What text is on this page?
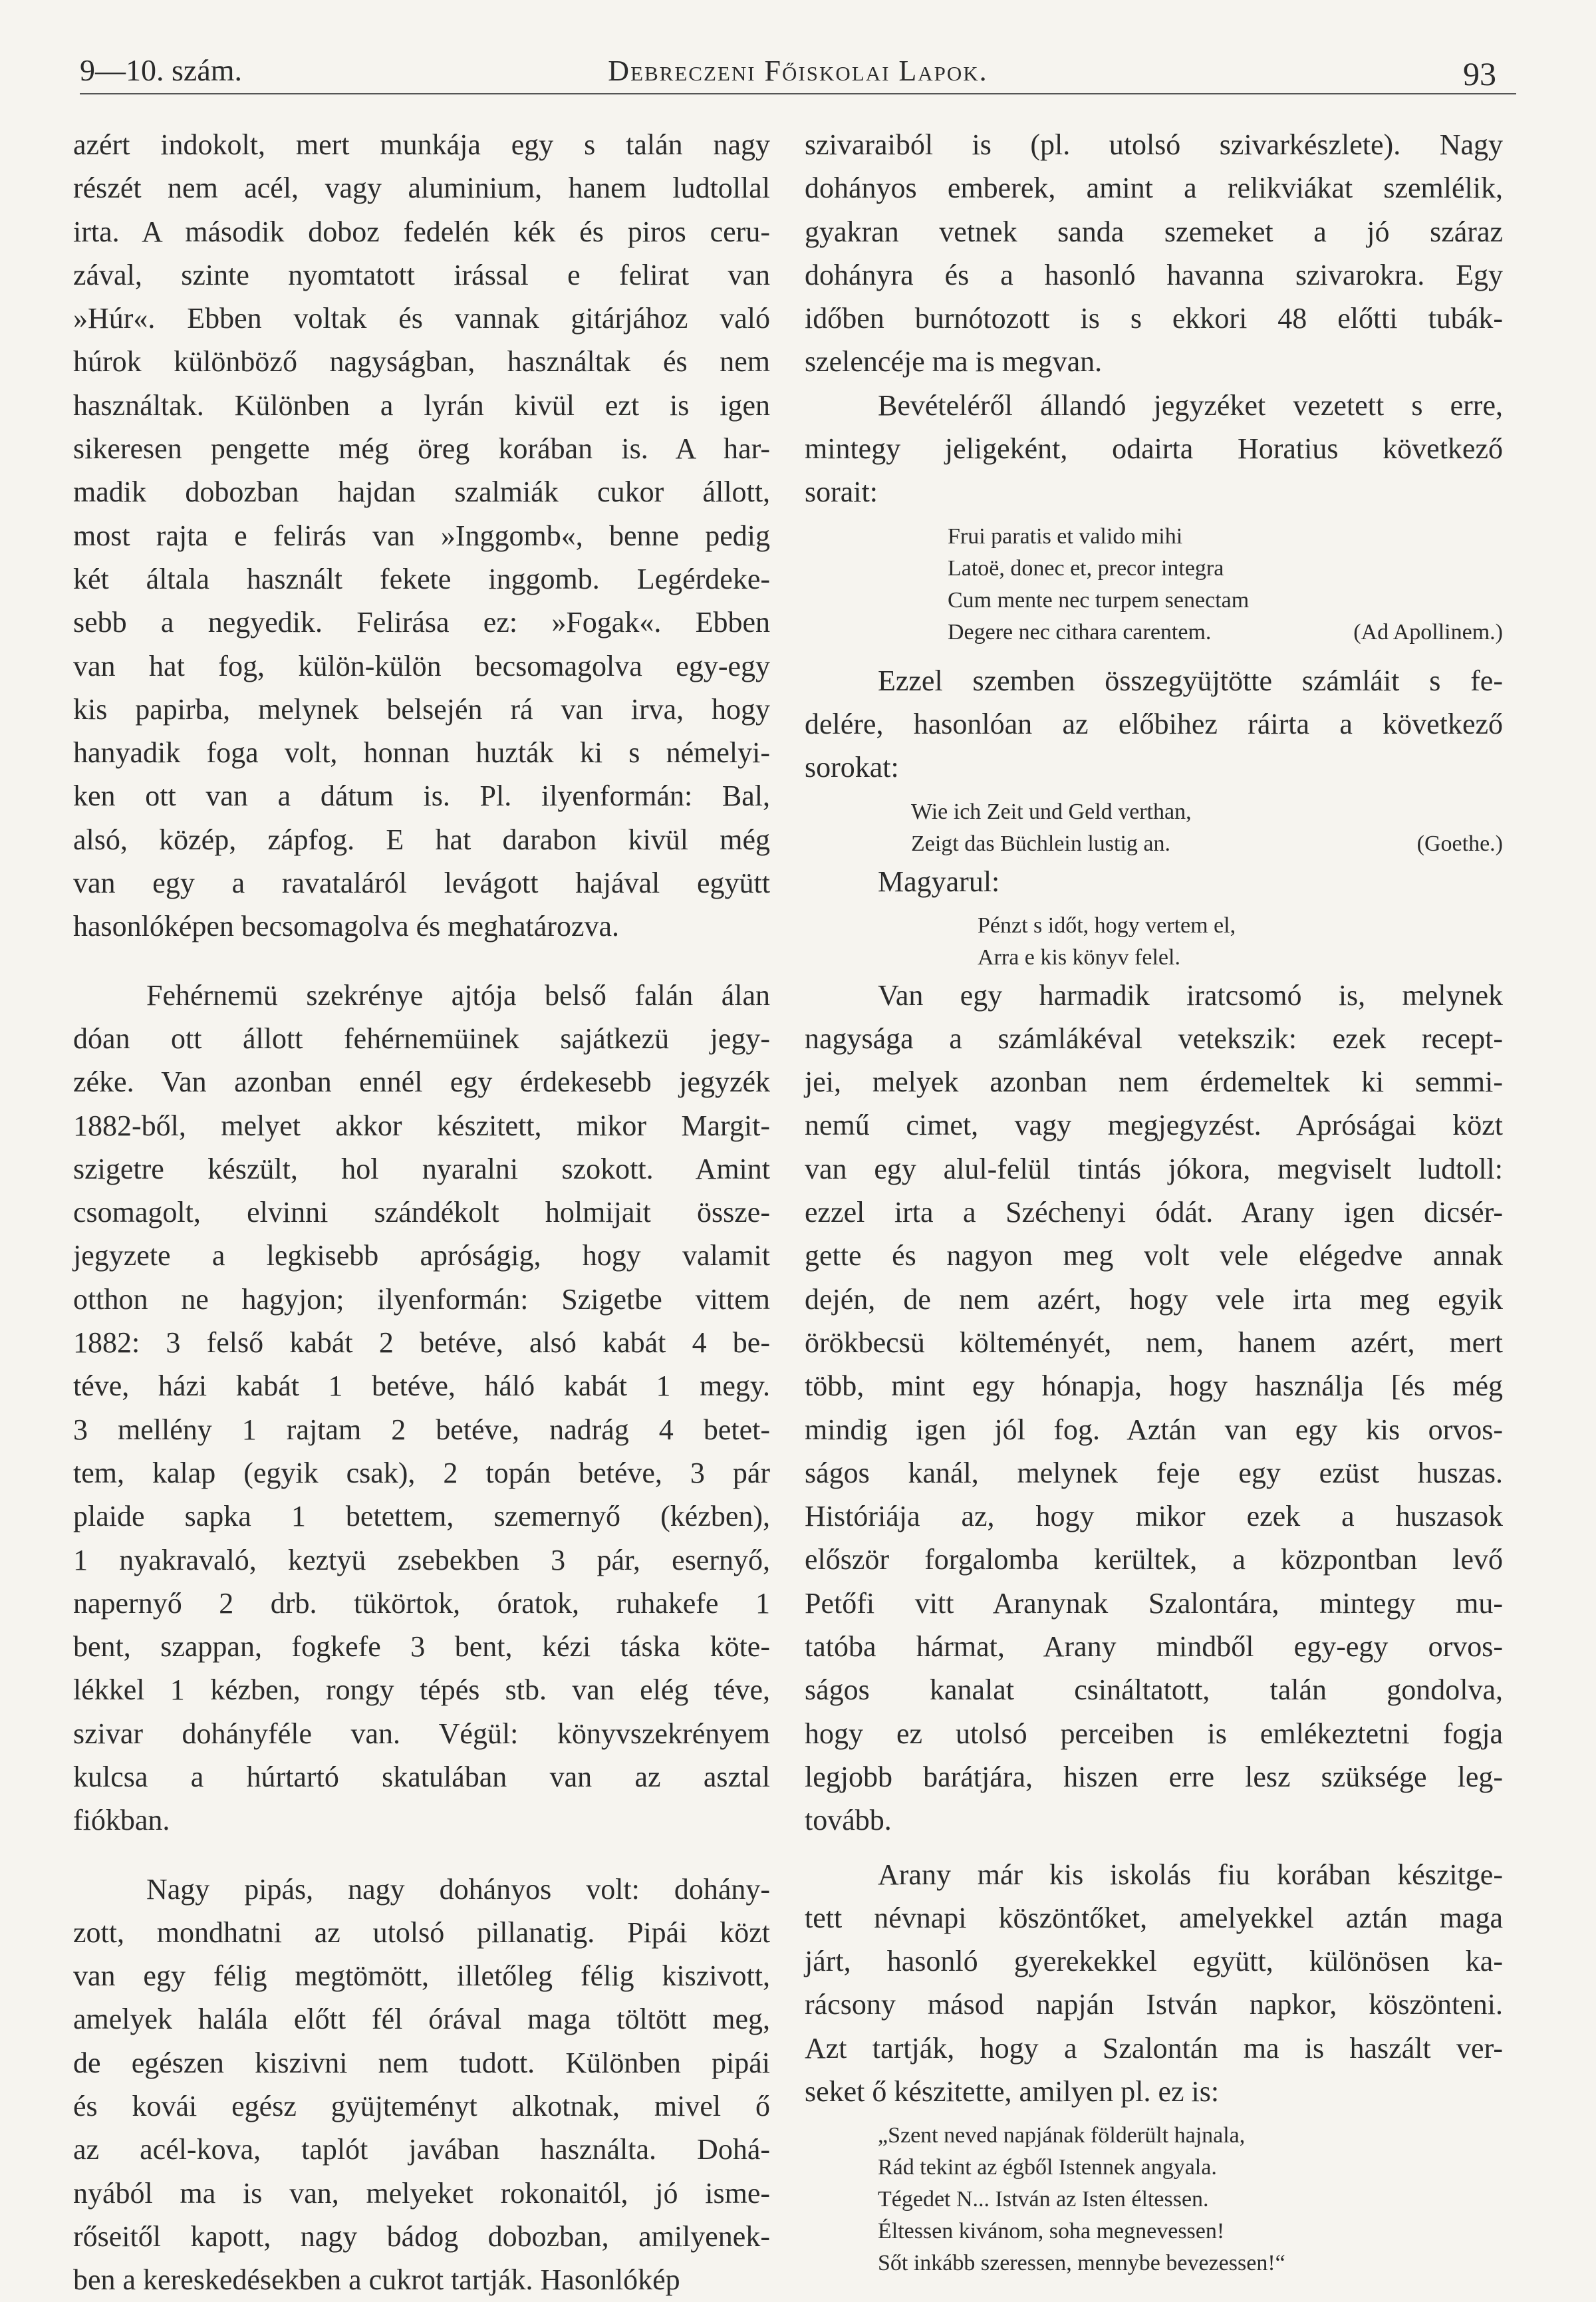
9—10. szám.	Debreczeni Főiskolai Lapok.	93
azért indokolt, mert munkája egy s talán nagy
részét nem acél, vagy aluminium, hanem ludtollal
irta. A második doboz fedelén kék és piros ceru-
zával, szinte nyomtatott irással e felirat van
»Húr«. Ebben voltak és vannak gitárjához való
húrok különböző nagyságban, használtak és nem
használtak. Különben a lyrán kivül ezt is igen
sikeresen pengette még öreg korában is. A har-
madik dobozban hajdan szalmiák cukor állott,
most rajta e felirás van »Inggomb«, benne pedig
két általa használt fekete inggomb. Legérdeke-
sebb a negyedik. Felirása ez: »Fogak«. Ebben
van hat fog, külön-külön becsomagolva egy-egy
kis papirba, melynek belsején rá van irva, hogy
hanyadik foga volt, honnan huzták ki s némelyi-
ken ott van a dátum is. Pl. ilyenformán: Bal,
alsó, közép, zápfog. E hat darabon kivül még
van egy a ravataláról levágott hajával együtt
hasonlóképen becsomagolva és meghatározva.
Fehérnemü szekrénye ajtója belső falán álan
dóan ott állott fehérnemüinek sajátkezü jegy-
zéke. Van azonban ennél egy érdekesebb jegyzék
1882-ből, melyet akkor készitett, mikor Margit-
szigetre készült, hol nyaralni szokott. Amint
csomagolt, elvinni szándékolt holmijait össze-
jegyzete a legkisebb apróságig, hogy valamit
otthon ne hagyjon; ilyenformán: Szigetbe vittem
1882: 3 felső kabát 2 betéve, alsó kabát 4 be-
téve, házi kabát 1 betéve, háló kabát 1 megy.
3 mellény 1 rajtam 2 betéve, nadrág 4 betet-
tem, kalap (egyik csak), 2 topán betéve, 3 pár
plaide sapka 1 betettem, szemernyő (kézben),
1 nyakravaló, keztyü zsebekben 3 pár, esernyő,
napernyő 2 drb. tükörtok, óratok, ruhakefe 1
bent, szappan, fogkefe 3 bent, kézi táska köte-
lékkel 1 kézben, rongy tépés stb. van elég téve,
szivar dohányféle van. Végül: könyvszekrényem
kulcsa a húrtartó skatulában van az asztal
fiókban.
Nagy pipás, nagy dohányos volt: dohány-
zott, mondhatni az utolsó pillanatig. Pipái közt
van egy félig megtömött, illetőleg félig kiszivott,
amelyek halála előtt fél órával maga töltött meg,
de egészen kiszivni nem tudott. Különben pipái
és kovái egész gyüjteményt alkotnak, mivel ő
az acél-kova, taplót javában használta. Dohá-
nyából ma is van, melyeket rokonaitól, jó isme-
rőseitől kapott, nagy bádog dobozban, amilyenek-
ben a kereskedésekben a cukrot tartják. Hasonlókép
szivaraiból is (pl. utolsó szivarkészlete). Nagy
dohányos emberek, amint a relikviákat szemlélik,
gyakran vetnek sanda szemeket a jó száraz
dohányra és a hasonló havanna szivarokra. Egy
időben burnótozott is s ekkori 48 előtti tubák-
szelencéje ma is megvan.
Bevételéről állandó jegyzéket vezetett s erre,
mintegy jeligeként, odairta Horatius következő
sorait:
Frui paratis et valido mihi
Latoë, donec et, precor integra
Cum mente nec turpem senectam
Degere nec cithara carentem.	(Ad Apollinem.)
Ezzel szemben összegyüjtötte számláit s fe-
delére, hasonlóan az előbihez ráirta a következő
sorokat:
Wie ich Zeit und Geld verthan,
Zeigt das Büchlein lustig an.	(Goethe.)
Magyarul:
Pénzt s időt, hogy vertem el,
Arra e kis könyv felel.
Van egy harmadik iratcsomó is, melynek
nagysága a számlákéval vetekszik: ezek recept-
jei, melyek azonban nem érdemeltek ki semmi-
nemű cimet, vagy megjegyzést. Apróságai közt
van egy alul-felül tintás jókora, megviselt ludtoll:
ezzel irta a Széchenyi ódát. Arany igen dicsér-
gette és nagyon meg volt vele elégedve annak
dején, de nem azért, hogy vele irta meg egyik
örökbecsü költeményét, nem, hanem azért, mert
több, mint egy hónapja, hogy használja [és még
mindig igen jól fog. Aztán van egy kis orvos-
ságos kanál, melynek feje egy ezüst huszas.
Históriája az, hogy mikor ezek a huszasok
először forgalomba kerültek, a központban levő
Petőfi vitt Aranynak Szalontára, mintegy mu-
tatóba hármat, Arany mindből egy-egy orvos-
ságos kanalat csináltatott, talán gondolva,
hogy ez utolsó perceiben is emlékeztetni fogja
legjobb barátjára, hiszen erre lesz szüksége leg-
tovább.
Arany már kis iskolás fiu korában készitge-
tett névnapi köszöntőket, amelyekkel aztán maga
járt, hasonló gyerekekkel együtt, különösen ka-
rácsony másod napján István napkor, köszönteni.
Azt tartják, hogy a Szalontán ma is haszált ver-
seket ő készitette, amilyen pl. ez is:
„Szent neved napjának földerült hajnala,
Rád tekint az égből Istennek angyala.
Tégedet N... István az Isten éltessen.
Éltessen kivánom, soha megnevessen!
Sőt inkább szeressen, mennybe bevezessen!“
